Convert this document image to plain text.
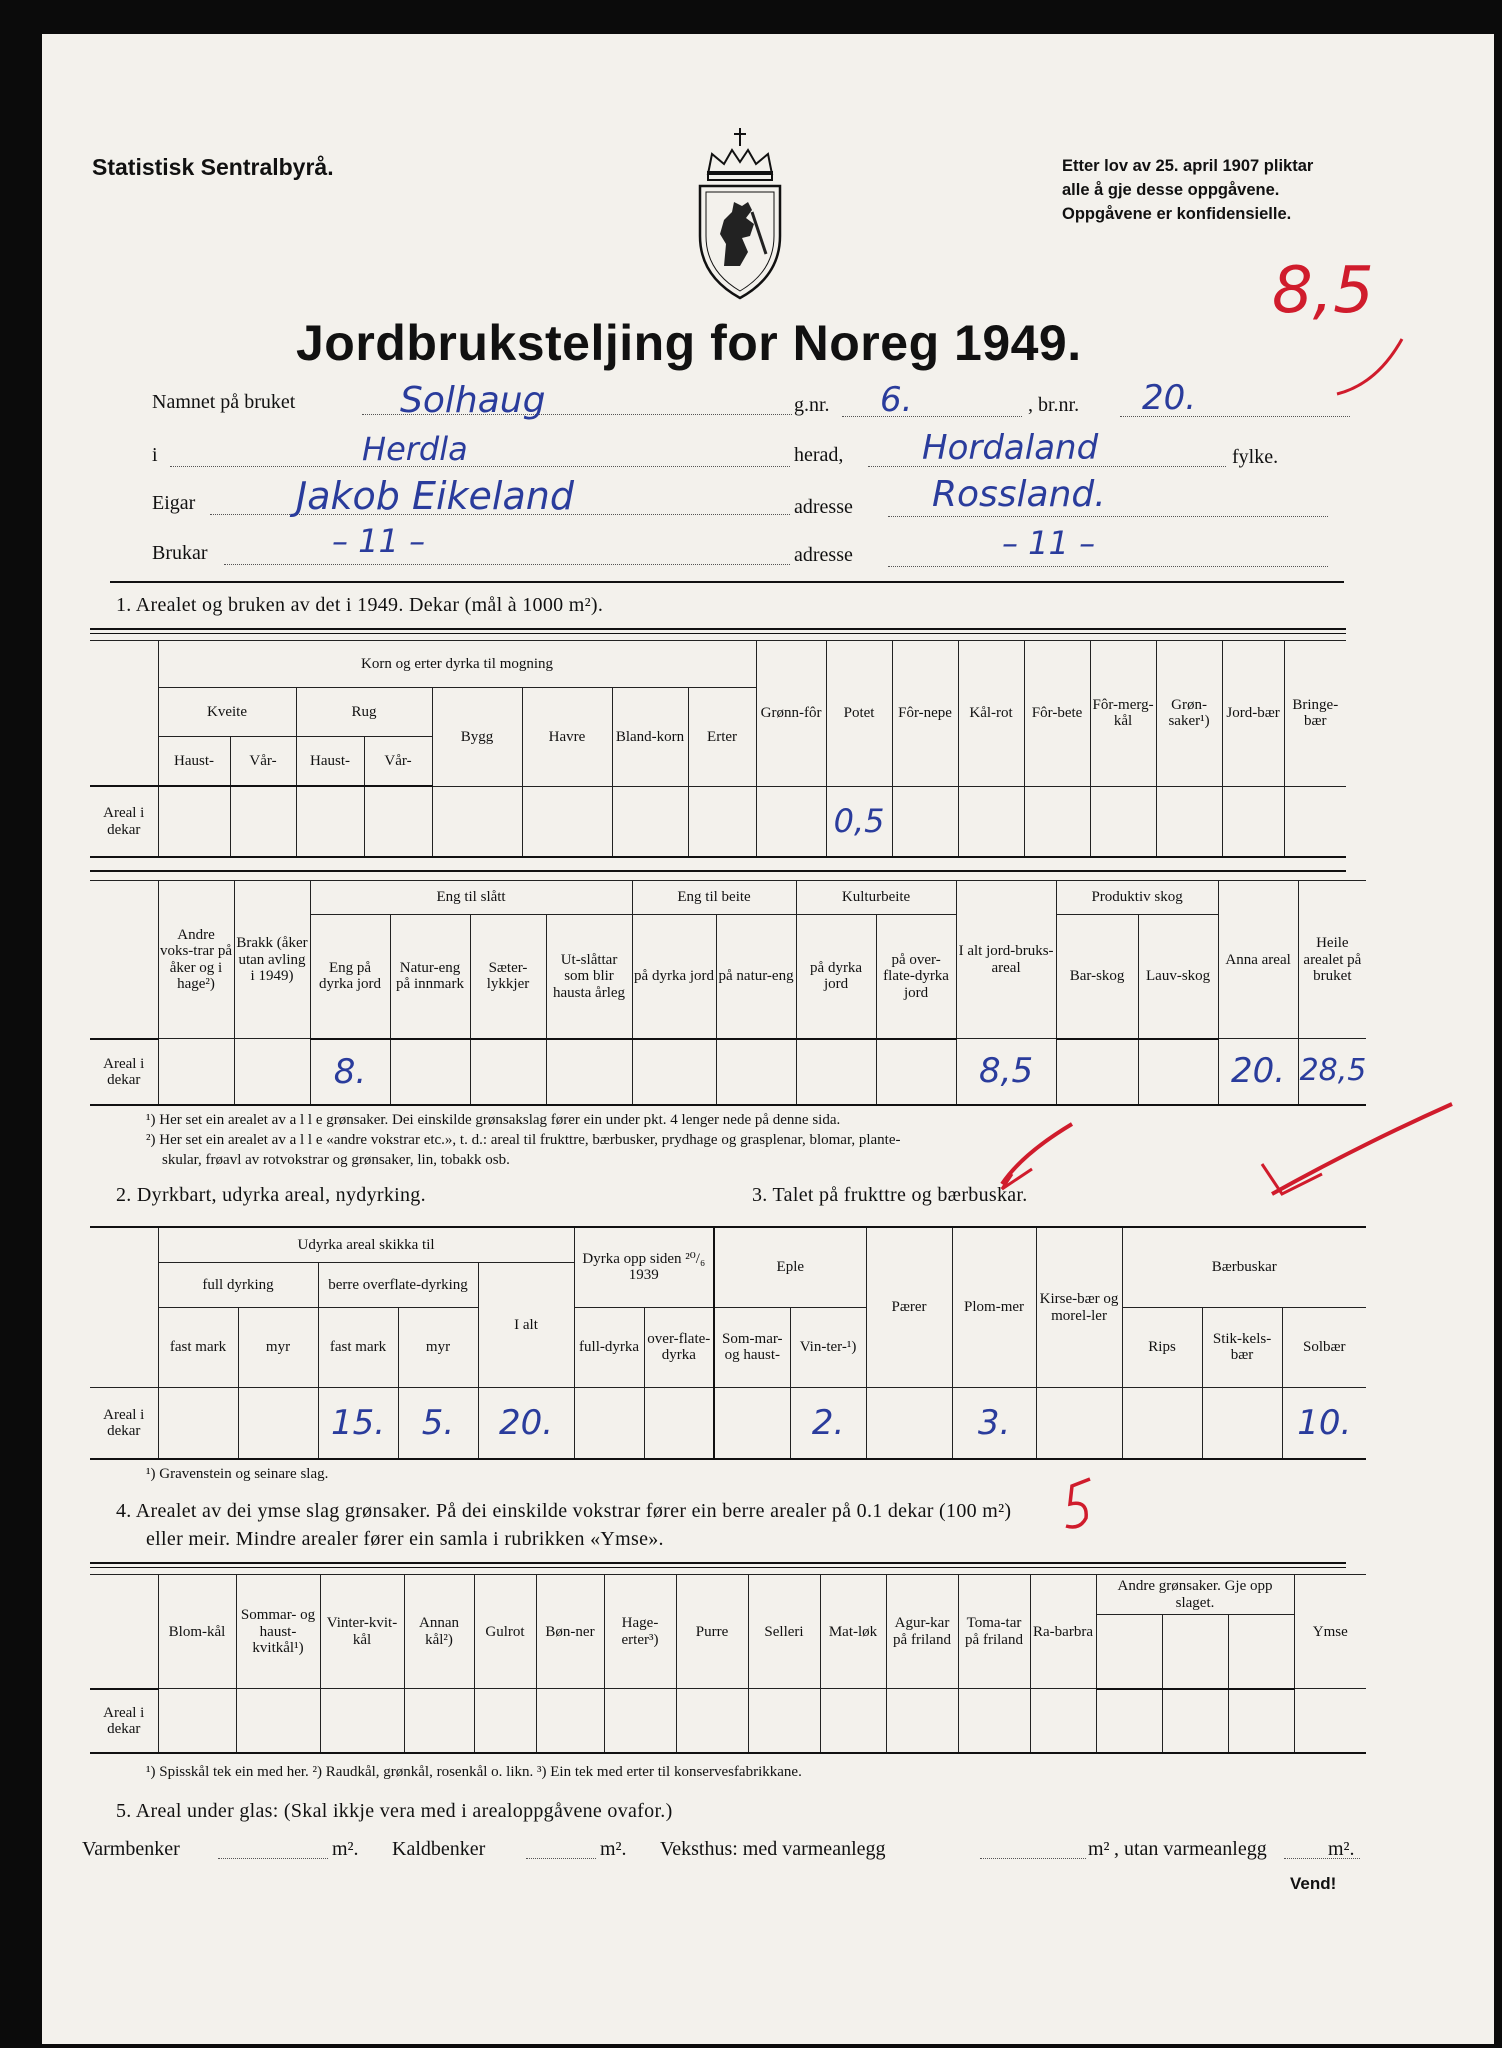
Statistisk Sentralbyrå.	Etter lov av 25. april 1907 pliktar
alle å gje desse oppgåvene.
Oppgåvene er konfidensielle.
8,5
Jordbruksteljing for Noreg 1949.
Namnet på bruket	Solhaug	g.nr. 6.	, br.nr. 20.
i	Herdla	herad, Hordaland	fylke.
Eigar	Jakob Eikeland	adresse Rossland.
Brukar	– 11 –	adresse	– 11 –
1. Arealet og bruken av det i 1949. Dekar (mål à 1000 m²).
	Korn og erter dyrka til mogning								Grønn-fôr	Potet	Fôr-nepe	Kål-rot	Fôr-bete	Fôr-merg-kål	Grøn-saker¹)	Jord-bær	Bringe-bær
	Kveite		Rug		Bygg	Havre	Bland-korn	Erter									
	Haust-	Vår-	Haust-	Vår-													
Areal i dekar										0,5							
	Andre voks-trar på åker og i hage²)	Brakk (åker utan avling i 1949)	Eng til slått				Eng til beite		Kulturbeite		I alt jord-bruks-areal	Produktiv skog		Anna areal	Heile arealet på bruket
			Eng på dyrka jord	Natur-eng på innmark	Sæter-lykkjer	Ut-slåttar som blir hausta årleg	på dyrka jord	på natur-eng	på dyrka jord	på over-flate-dyrka jord		Bar-skog	Lauv-skog		
Areal i dekar			8.								8,5			20.	28,5
¹) Her set ein arealet av a l l e grønsaker. Dei einskilde grønsakslag fører ein under pkt. 4 lenger nede på denne sida.
²) Her set ein arealet av a l l e «andre vokstrar etc.», t. d.: areal til frukttre, bærbusker, prydhage og grasplenar, blomar, plante-
skular, frøavl av rotvokstrar og grønsaker, lin, tobakk osb.
2. Dyrkbart, udyrka areal, nydyrking.	3. Talet på frukttre og bærbuskar.
	Udyrka areal skikka til					Dyrka opp siden ²⁰/₆ 1939		Eple		Pærer	Plom-mer	Kirse-bær og morel-ler	Bærbuskar		
	full dyrking		berre overflate-dyrking		I alt										
	fast mark	myr	fast mark	myr		full-dyrka	over-flate-dyrka	Som-mar- og haust-	Vin-ter-¹)				Rips	Stik-kels-bær	Solbær

Areal i dekar			15.	5.	20.				2.		3.				10.
¹) Gravenstein og seinare slag.
4. Arealet av dei ymse slag grønsaker. På dei einskilde vokstrar fører ein berre arealer på 0.1 dekar (100 m²)
eller meir. Mindre arealer fører ein samla i rubrikken «Ymse».
	Blom-kål	Sommar- og haust-kvitkål¹)	Vinter-kvit-kål	Annan kål²)	Gulrot	Bøn-ner	Hage-erter³)	Purre	Selleri	Mat-løk	Agur-kar på friland	Toma-tar på friland	Ra-barbra	Andre grønsaker. Gje opp slaget.			Ymse

Areal i dekar																	
¹) Spisskål tek ein med her. ²) Raudkål, grønkål, rosenkål o. likn. ³) Ein tek med erter til konservesfabrikkane.
5. Areal under glas: (Skal ikkje vera med i arealoppgåvene ovafor.)
Varmbenker	m². Kaldbenker	m². Veksthus: med varmeanlegg	m² , utan varmeanlegg	m².
Vend!
